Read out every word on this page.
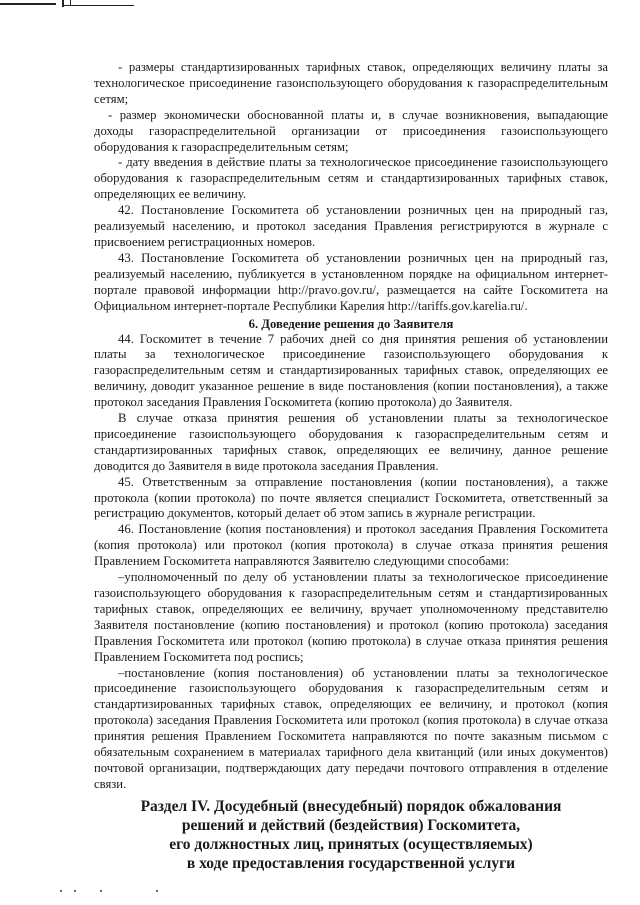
- размеры стандартизированных тарифных ставок, определяющих величину платы за технологическое присоединение газоиспользующего оборудования к газораспределительным сетям;

- размер экономически обоснованной платы и, в случае возникновения, выпадающие доходы газораспределительной организации от присоединения газоиспользующего оборудования к газораспределительным сетям;

- дату введения в действие платы за технологическое присоединение газоиспользующего оборудования к газораспределительным сетям и стандартизированных тарифных ставок, определяющих ее величину.

42. Постановление Госкомитета об установлении розничных цен на природный газ, реализуемый населению, и протокол заседания Правления регистрируются в журнале с присвоением регистрационных номеров.

43. Постановление Госкомитета об установлении розничных цен на природный газ, реализуемый населению, публикуется в установленном порядке на официальном интернет-портале правовой информации http://pravo.gov.ru/, размещается на сайте Госкомитета на Официальном интернет-портале Республики Карелия http://tariffs.gov.karelia.ru/.

6. Доведение решения до Заявителя

44. Госкомитет в течение 7 рабочих дней со дня принятия решения об установлении платы за технологическое присоединение газоиспользующего оборудования к газораспределительным сетям и стандартизированных тарифных ставок, определяющих ее величину, доводит указанное решение в виде постановления (копии постановления), а также протокол заседания Правления Госкомитета (копию протокола) до Заявителя.

В случае отказа принятия решения об установлении платы за технологическое присоединение газоиспользующего оборудования к газораспределительным сетям и стандартизированных тарифных ставок, определяющих ее величину, данное решение доводится до Заявителя в виде протокола заседания Правления.

45. Ответственным за отправление постановления (копии постановления), а также протокола (копии протокола) по почте является специалист Госкомитета, ответственный за регистрацию документов, который делает об этом запись в журнале регистрации.

46. Постановление (копия постановления) и протокол заседания Правления Госкомитета (копия протокола) или протокол (копия протокола) в случае отказа принятия решения Правлением Госкомитета направляются Заявителю следующими способами:

–уполномоченный по делу об установлении платы за технологическое присоединение газоиспользующего оборудования к газораспределительным сетям и стандартизированных тарифных ставок, определяющих ее величину, вручает уполномоченному представителю Заявителя постановление (копию постановления) и протокол (копию протокола) заседания Правления Госкомитета или протокол (копию протокола) в случае отказа принятия решения Правлением Госкомитета под роспись;

–постановление (копия постановления) об установлении платы за технологическое присоединение газоиспользующего оборудования к газораспределительным сетям и стандартизированных тарифных ставок, определяющих ее величину, и протокол (копия протокола) заседания Правления Госкомитета или протокол (копия протокола) в случае отказа принятия решения Правлением Госкомитета направляются по почте заказным письмом с обязательным сохранением в материалах тарифного дела квитанций (или иных документов) почтовой организации, подтверждающих дату передачи почтового отправления в отделение связи.

Раздел IV. Досудебный (внесудебный) порядок обжалования
решений и действий (бездействия) Госкомитета,
его должностных лиц, принятых (осуществляемых)
в ходе предоставления государственной услуги
